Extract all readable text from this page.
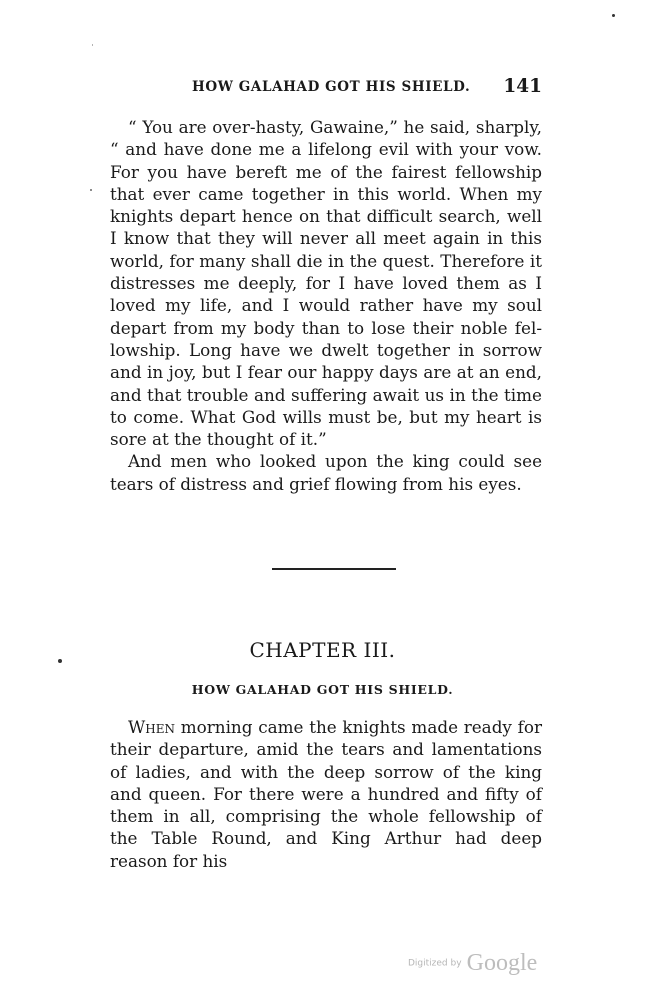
HOW GALAHAD GOT HIS SHIELD. 141

“ You are over-hasty, Gawaine,” he said, sharply, “ and have done me a lifelong evil with your vow. For you have bereft me of the fairest fellowship that ever came together in this world. When my knights depart hence on that difficult search, well I know that they will never all meet again in this world, for many shall die in the quest. Therefore it distresses me deeply, for I have loved them as I loved my life, and I would rather have my soul depart from my body than to lose their noble fellowship. Long have we dwelt together in sorrow and in joy, but I fear our happy days are at an end, and that trouble and suffering await us in the time to come. What God wills must be, but my heart is sore at the thought of it.”

And men who looked upon the king could see tears of distress and grief flowing from his eyes.

CHAPTER III.
HOW GALAHAD GOT HIS SHIELD.

When morning came the knights made ready for their departure, amid the tears and lamentations of ladies, and with the deep sorrow of the king and queen. For there were a hundred and fifty of them in all, comprising the whole fellowship of the Table Round, and King Arthur had deep reason for his

Digitized by Google
